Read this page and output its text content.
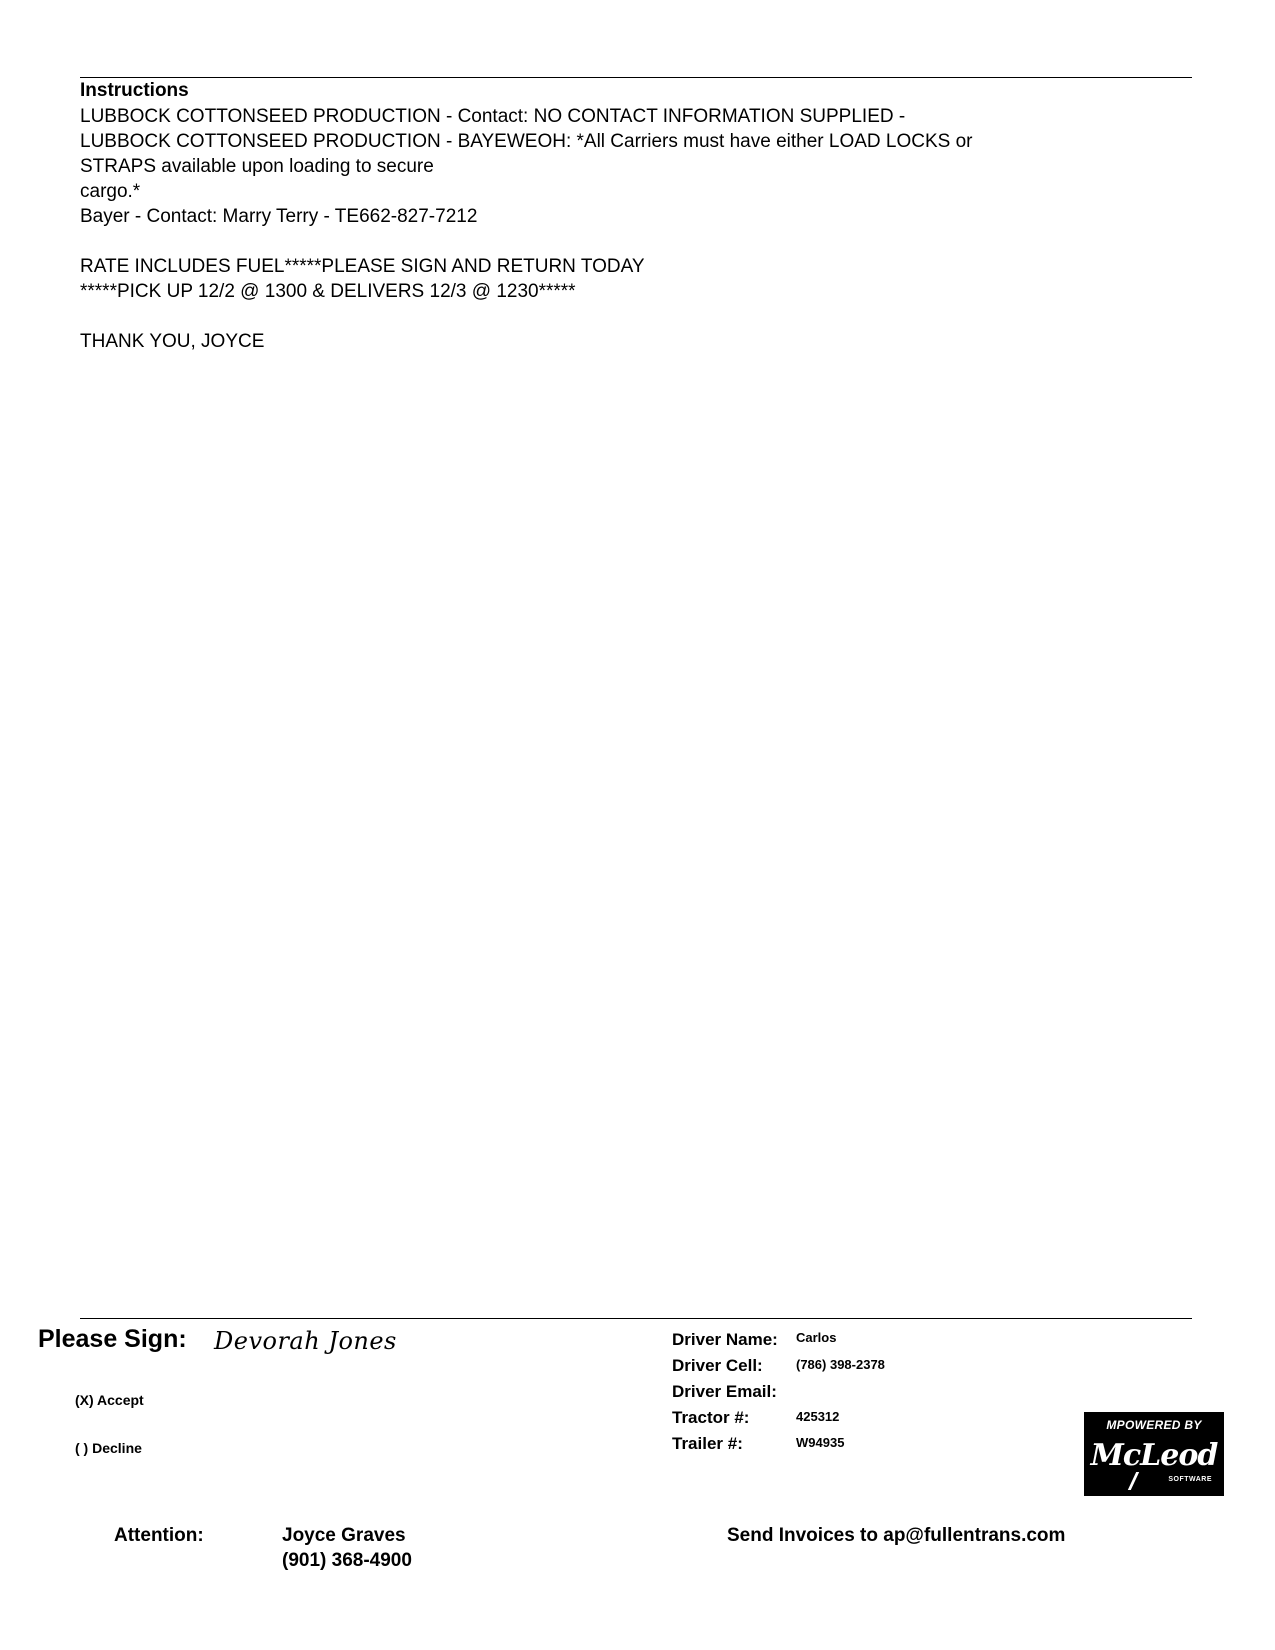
Instructions
LUBBOCK COTTONSEED PRODUCTION - Contact: NO CONTACT INFORMATION SUPPLIED -
LUBBOCK COTTONSEED PRODUCTION - BAYEWEOH: *All Carriers must have either LOAD LOCKS or
STRAPS available upon loading to secure
cargo.*
Bayer - Contact: Marry Terry - TE662-827-7212
RATE INCLUDES FUEL*****PLEASE SIGN AND RETURN TODAY
*****PICK UP 12/2 @ 1300 & DELIVERS 12/3 @ 1230*****
THANK YOU, JOYCE
Please Sign: Devorah Jones
(X) Accept
( ) Decline
Driver Name: Carlos
Driver Cell:	(786) 398-2378
Driver Email:
Tractor #:	425312
Trailer #:	W94935
MPOWERED BY
McLeod
SOFTWARE
Attention:	Joyce Graves
(901) 368-4900
Send Invoices to ap@fullentrans.com
